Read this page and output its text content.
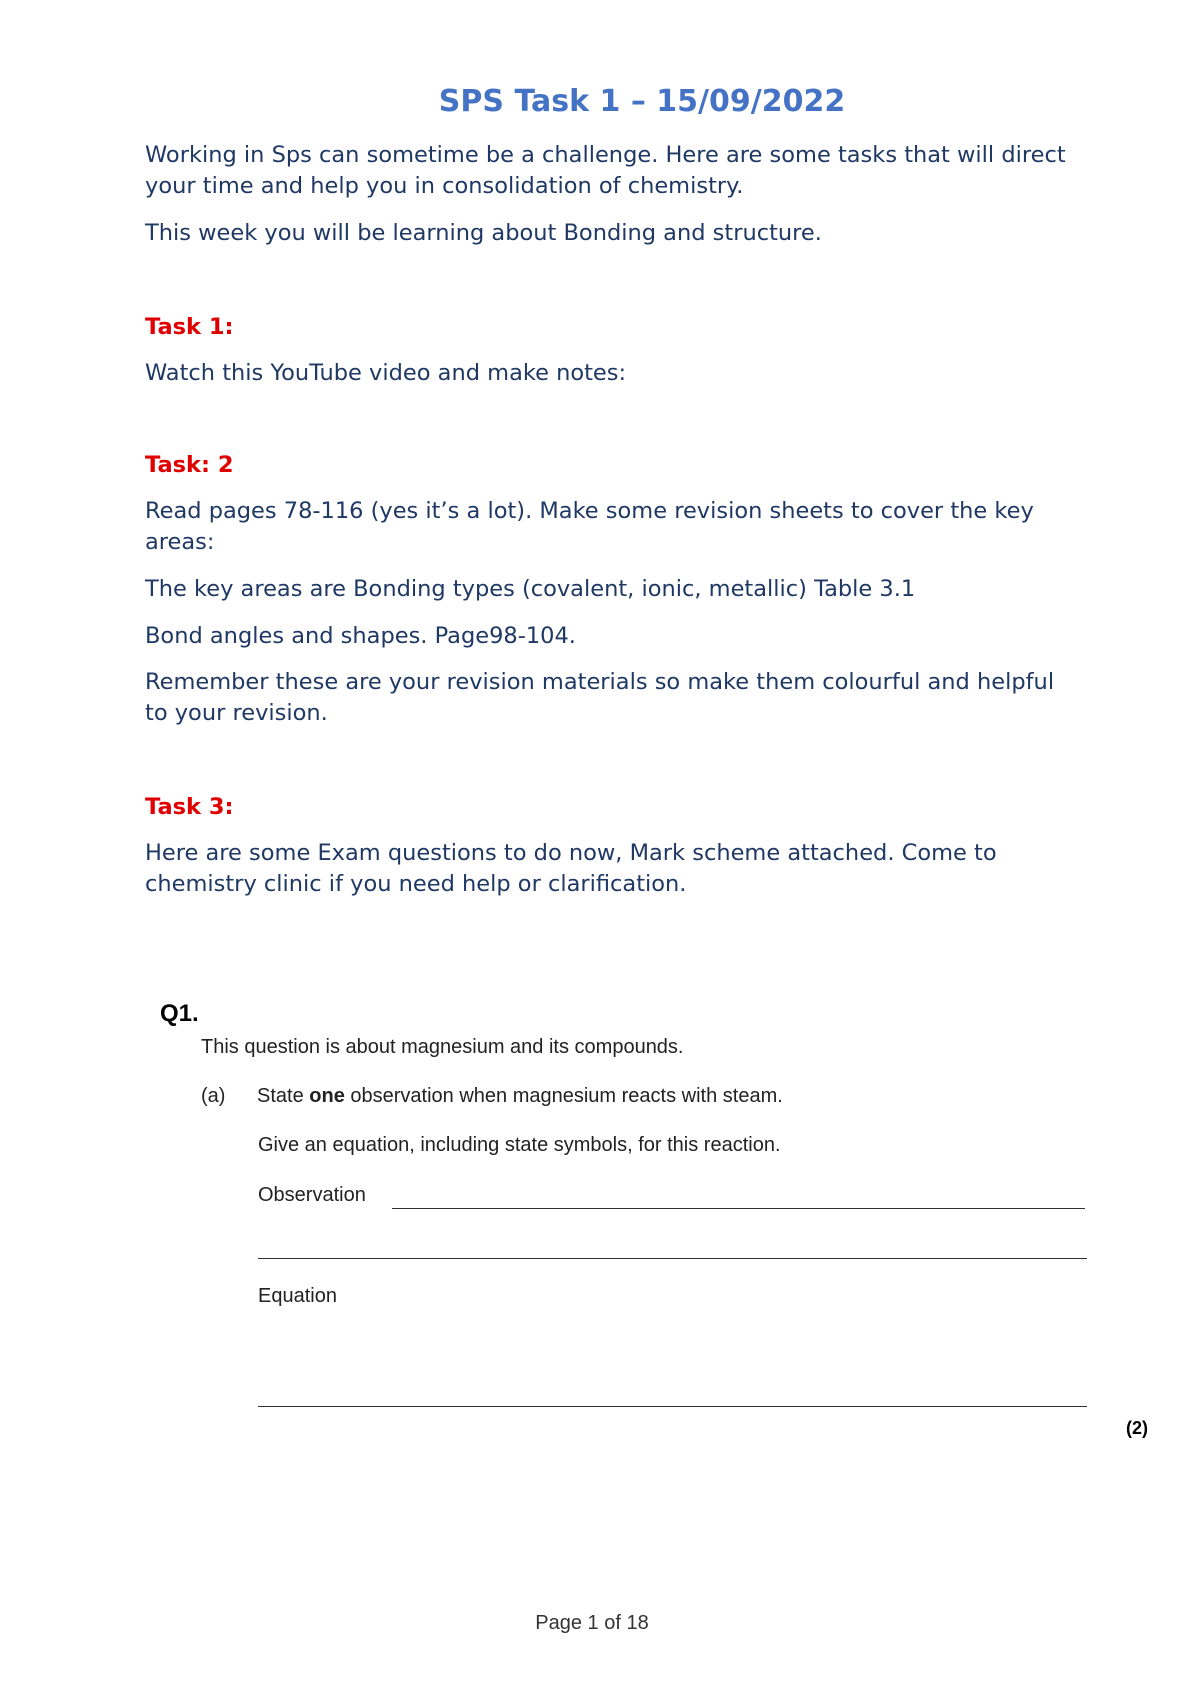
SPS Task 1 – 15/09/2022
Working in Sps can sometime be a challenge. Here are some tasks that will direct
your time and help you in consolidation of chemistry.
This week you will be learning about Bonding and structure.
Task 1:
Watch this YouTube video and make notes:
Task: 2
Read pages 78-116 (yes it’s a lot). Make some revision sheets to cover the key
areas:
The key areas are Bonding types (covalent, ionic, metallic) Table 3.1
Bond angles and shapes. Page98-104.
Remember these are your revision materials so make them colourful and helpful
to your revision.
Task 3:
Here are some Exam questions to do now, Mark scheme attached. Come to
chemistry clinic if you need help or clarification.
Q1.
This question is about magnesium and its compounds.
(a) State one observation when magnesium reacts with steam.
Give an equation, including state symbols, for this reaction.
Observation
Equation
(2)
Page 1 of 18
